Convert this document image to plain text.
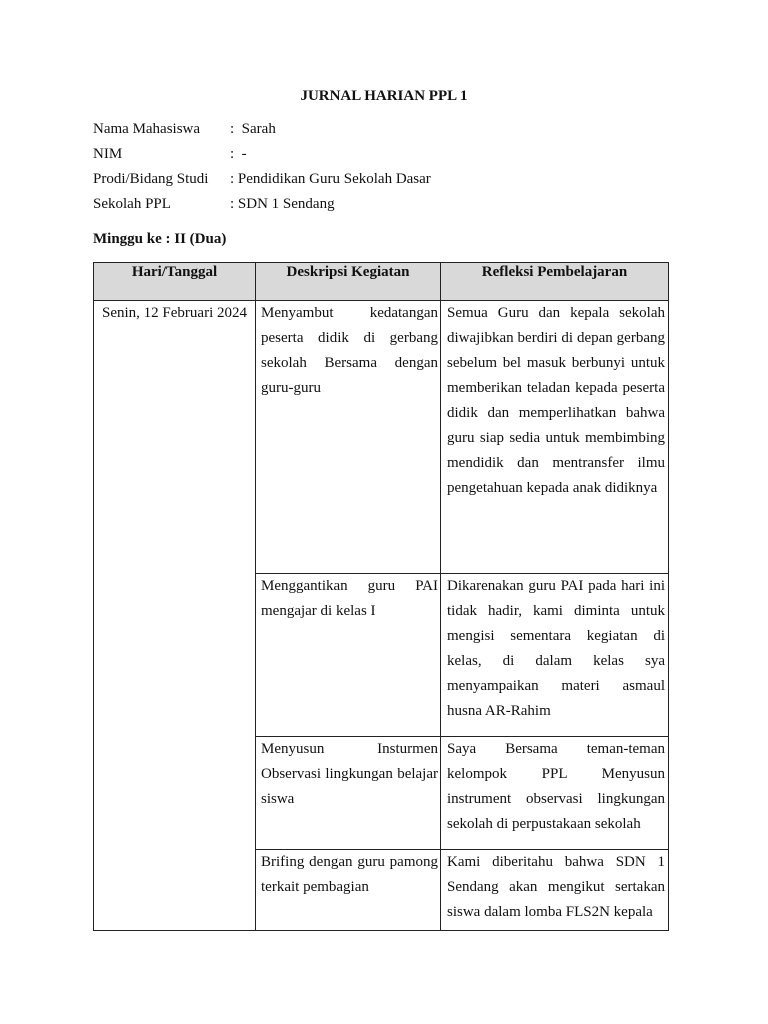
JURNAL HARIAN PPL 1
Nama Mahasiswa	:  Sarah
NIM	:  -
Prodi/Bidang Studi	: Pendidikan Guru Sekolah Dasar
Sekolah PPL	: SDN 1 Sendang
Minggu ke : II (Dua)
Hari/Tanggal	Deskripsi Kegiatan	Refleksi Pembelajaran

Senin, 12 Februari 2024	Menyambut kedatangan peserta didik di gerbang sekolah Bersama dengan guru-guru	Semua Guru dan kepala sekolah diwajibkan berdiri di depan gerbang sebelum bel masuk berbunyi untuk memberikan teladan kepada peserta didik dan memperlihatkan bahwa guru siap sedia untuk membimbing mendidik dan mentransfer ilmu pengetahuan kepada anak didiknya
	Menggantikan guru PAI mengajar di kelas I	Dikarenakan guru PAI pada hari ini tidak hadir, kami diminta untuk mengisi sementara kegiatan di kelas, di dalam kelas sya menyampaikan materi asmaul husna AR-Rahim
	Menyusun Insturmen Observasi lingkungan belajar siswa	Saya Bersama teman-teman kelompok PPL Menyusun instrument observasi lingkungan sekolah di perpustakaan sekolah
	Brifing dengan guru pamong terkait pembagian	Kami diberitahu bahwa SDN 1 Sendang akan mengikut sertakan siswa dalam lomba FLS2N kepala
